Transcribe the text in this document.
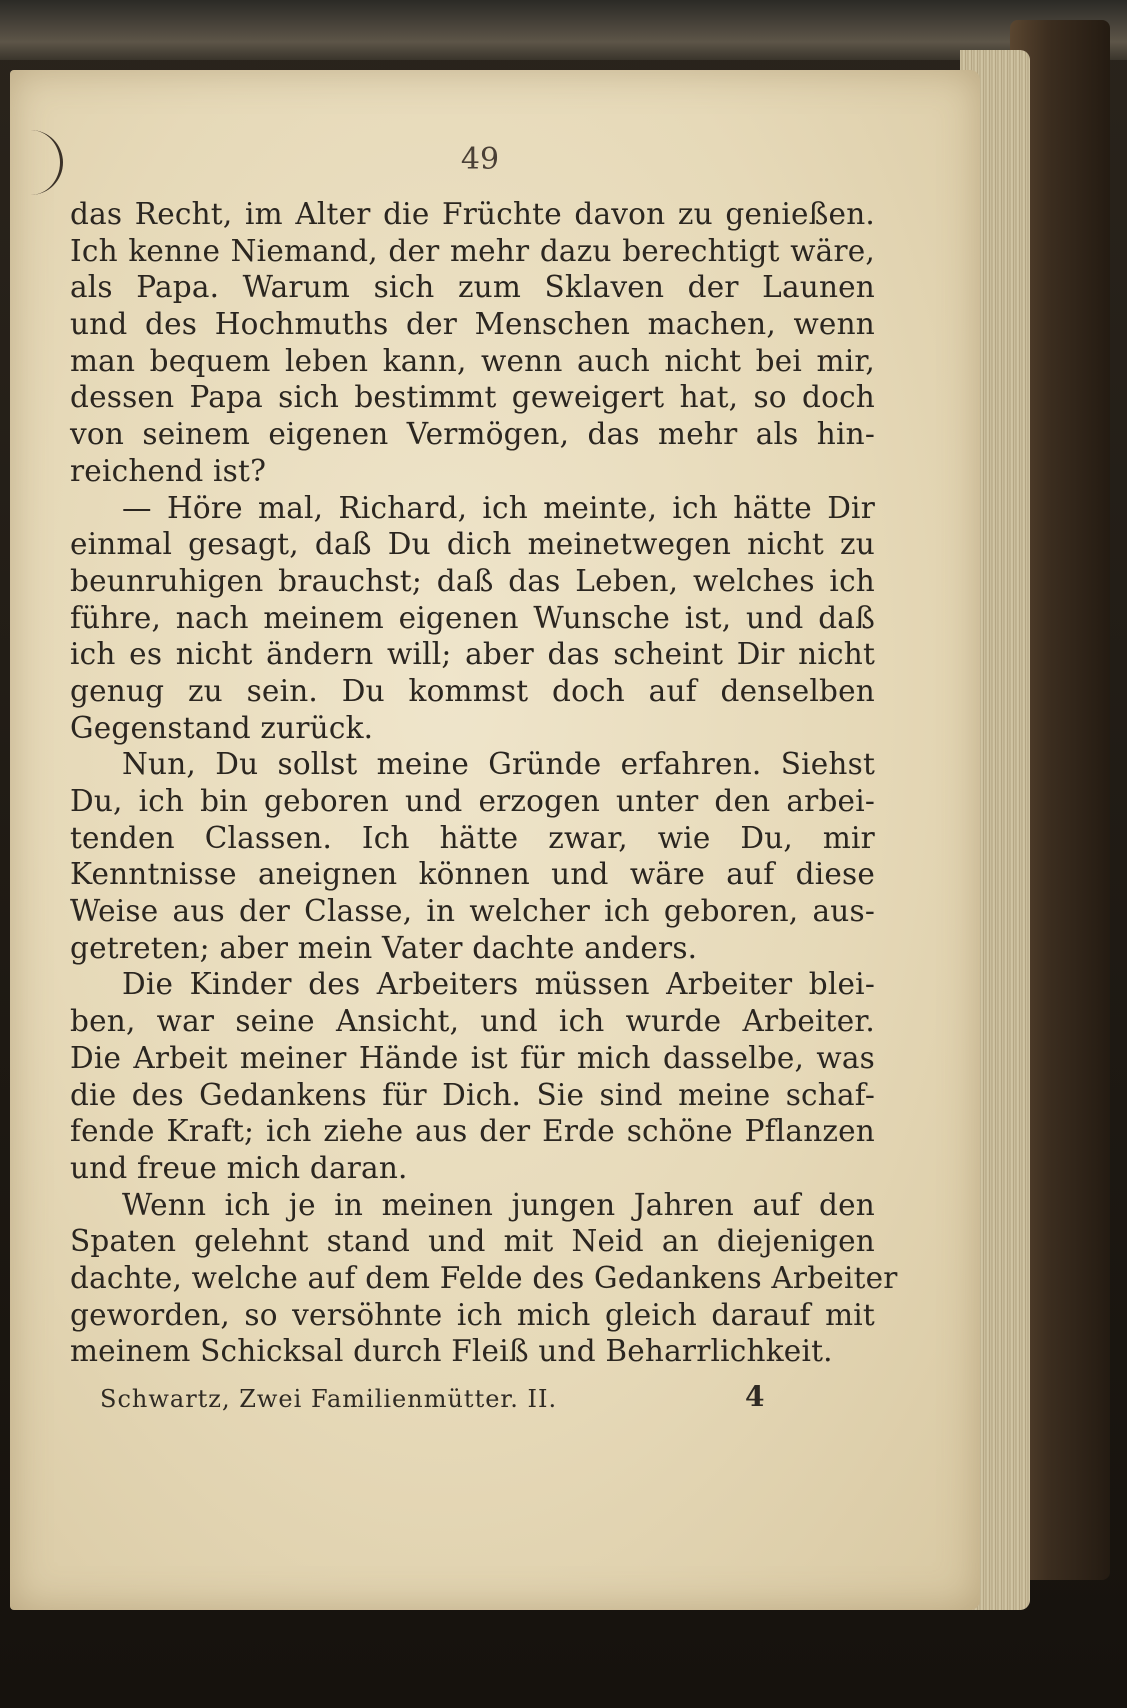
49
das Recht, im Alter die Früchte davon zu genießen.
Ich kenne Niemand, der mehr dazu berechtigt wäre,
als Papa. Warum sich zum Sklaven der Launen
und des Hochmuths der Menschen machen, wenn
man bequem leben kann, wenn auch nicht bei mir,
dessen Papa sich bestimmt geweigert hat, so doch
von seinem eigenen Vermögen, das mehr als hin-
reichend ist?
— Höre mal, Richard, ich meinte, ich hätte Dir
einmal gesagt, daß Du dich meinetwegen nicht zu
beunruhigen brauchst; daß das Leben, welches ich
führe, nach meinem eigenen Wunsche ist, und daß
ich es nicht ändern will; aber das scheint Dir nicht
genug zu sein. Du kommst doch auf denselben
Gegenstand zurück.
Nun, Du sollst meine Gründe erfahren. Siehst
Du, ich bin geboren und erzogen unter den arbei-
tenden Classen. Ich hätte zwar, wie Du, mir
Kenntnisse aneignen können und wäre auf diese
Weise aus der Classe, in welcher ich geboren, aus-
getreten; aber mein Vater dachte anders.
Die Kinder des Arbeiters müssen Arbeiter blei-
ben, war seine Ansicht, und ich wurde Arbeiter.
Die Arbeit meiner Hände ist für mich dasselbe, was
die des Gedankens für Dich. Sie sind meine schaf-
fende Kraft; ich ziehe aus der Erde schöne Pflanzen
und freue mich daran.
Wenn ich je in meinen jungen Jahren auf den
Spaten gelehnt stand und mit Neid an diejenigen
dachte, welche auf dem Felde des Gedankens Arbeiter
geworden, so versöhnte ich mich gleich darauf mit
meinem Schicksal durch Fleiß und Beharrlichkeit.
Schwartz, Zwei Familienmütter. II.	4
